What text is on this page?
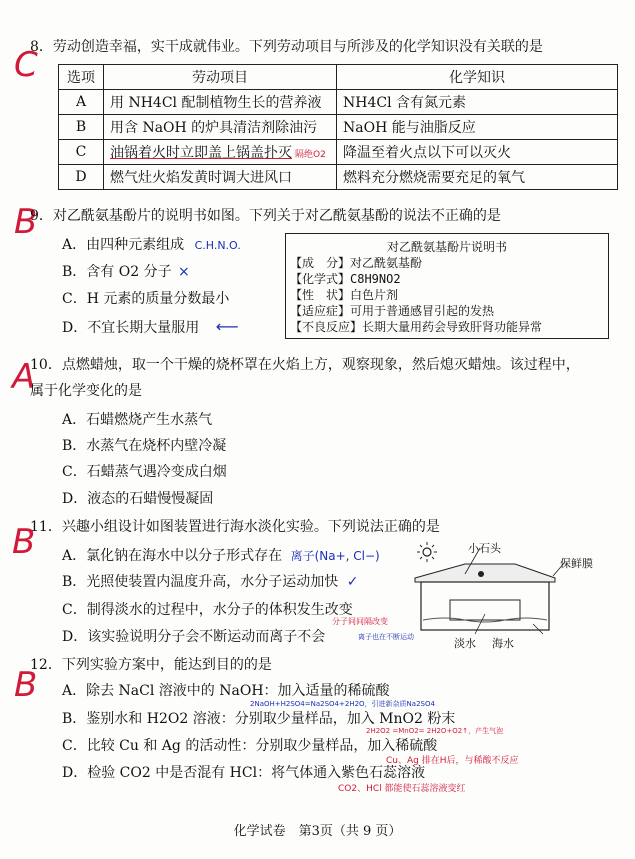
C
8．劳动创造幸福，实干成就伟业。下列劳动项目与所涉及的化学知识没有关联的是
选项	劳动项目	化学知识
A	用 NH4Cl 配制植物生长的营养液	NH4Cl 含有氮元素
B	用含 NaOH 的炉具清洁剂除油污	NaOH 能与油脂反应
C	油锅着火时立即盖上锅盖扑灭 隔绝O2	降温至着火点以下可以灭火
D	燃气灶火焰发黄时调大进风口	燃料充分燃烧需要充足的氧气
B
9．对乙酰氨基酚片的说明书如图。下列关于对乙酰氨基酚的说法不正确的是
A．由四种元素组成 C.H.N.O.
B．含有 O2 分子 ×
C．H 元素的质量分数最小
D．不宜长期大量服用 ⟵
对乙酰氨基酚片说明书
【成　分】对乙酰氨基酚
【化学式】C8H9NO2
【性　状】白色片剂
【适应症】可用于普通感冒引起的发热
【不良反应】长期大量用药会导致肝肾功能异常
A
10．点燃蜡烛，取一个干燥的烧杯罩在火焰上方，观察现象，然后熄灭蜡烛。该过程中，
属于化学变化的是
A．石蜡燃烧产生水蒸气
B．水蒸气在烧杯内壁冷凝
C．石蜡蒸气遇冷变成白烟
D．液态的石蜡慢慢凝固
B
11．兴趣小组设计如图装置进行海水淡化实验。下列说法正确的是
A．氯化钠在海水中以分子形式存在 离子(Na+, Cl−)
B．光照使装置内温度升高，水分子运动加快 ✓
C．制得淡水的过程中，水分子的体积发生改变
分子间间隔改变
D．该实验说明分子会不断运动而离子不会	离子也在不断运动
小石头
保鲜膜
淡水 海水
B
12．下列实验方案中，能达到目的的是
A．除去 NaCl 溶液中的 NaOH：加入适量的稀硫酸
2NaOH+H2SO4=Na2SO4+2H2O，引进新杂质Na2SO4
B．鉴别水和 H2O2 溶液：分别取少量样品，加入 MnO2 粉末
2H2O2 =MnO2= 2H2O+O2↑，产生气泡
C．比较 Cu 和 Ag 的活动性：分别取少量样品，加入稀硫酸
Cu、Ag 排在H后，与稀酸不反应
D．检验 CO2 中是否混有 HCl：将气体通入紫色石蕊溶液
CO2、HCl 都能使石蕊溶液变红
化学试卷　第3页（共 9 页）
